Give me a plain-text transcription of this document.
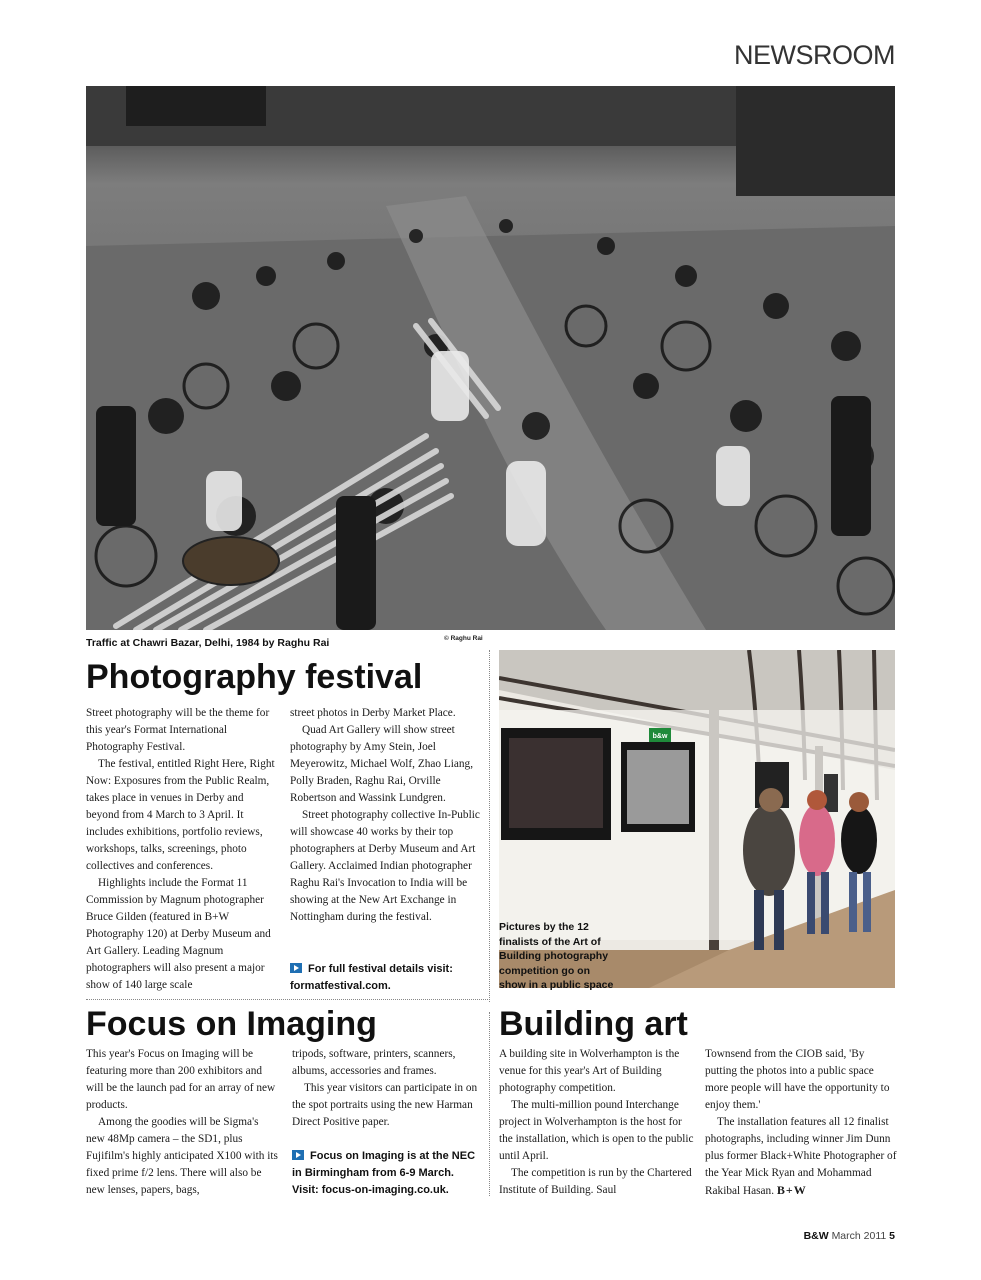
NEWSROOM
Traffic at Chawri Bazar, Delhi, 1984 by Raghu Rai	© Raghu Rai
Photography festival

Street photography will be the theme for this year's Format International Photography Festival.

The festival, entitled Right Here, Right Now: Exposures from the Public Realm, takes place in venues in Derby and beyond from 4 March to 3 April. It includes exhibitions, portfolio reviews, workshops, talks, screenings, photo collectives and conferences.

Highlights include the Format 11 Commission by Magnum photographer Bruce Gilden (featured in B+W Photography 120) at Derby Museum and Art Gallery. Leading Magnum photographers will also present a major show of 140 large scale

street photos in Derby Market Place.

Quad Art Gallery will show street photography by Amy Stein, Joel Meyerowitz, Michael Wolf, Zhao Liang, Polly Braden, Raghu Rai, Orville Robertson and Wassink Lundgren.

Street photography collective In-Public will showcase 40 works by their top photographers at Derby Museum and Art Gallery. Acclaimed Indian photographer Raghu Rai's Invocation to India will be showing at the New Art Exchange in Nottingham during the festival.

For full festival details visit:
formatfestival.com.
b&w
Pictures by the 12
finalists of the Art of
Building photography
competition go on
show in a public space
Focus on Imaging

This year's Focus on Imaging will be featuring more than 200 exhibitors and will be the launch pad for an array of new products.

Among the goodies will be Sigma's new 48Mp camera – the SD1, plus Fujifilm's highly anticipated X100 with its fixed prime f/2 lens. There will also be new lenses, papers, bags,

tripods, software, printers, scanners, albums, accessories and frames.

This year visitors can participate in on the spot portraits using the new Harman Direct Positive paper.

Focus on Imaging is at the NEC
in Birmingham from 6-9 March.
Visit: focus-on-imaging.co.uk.
Building art

A building site in Wolverhampton is the venue for this year's Art of Building photography competition.

The multi-million pound Interchange project in Wolverhampton is the host for the installation, which is open to the public until April.

The competition is run by the Chartered Institute of Building. Saul

Townsend from the CIOB said, 'By putting the photos into a public space more people will have the opportunity to enjoy them.'

The installation features all 12 finalist photographs, including winner Jim Dunn plus former Black+White Photographer of the Year Mick Ryan and Mohammad Rakibal Hasan. B+W

B&W March 2011 5
